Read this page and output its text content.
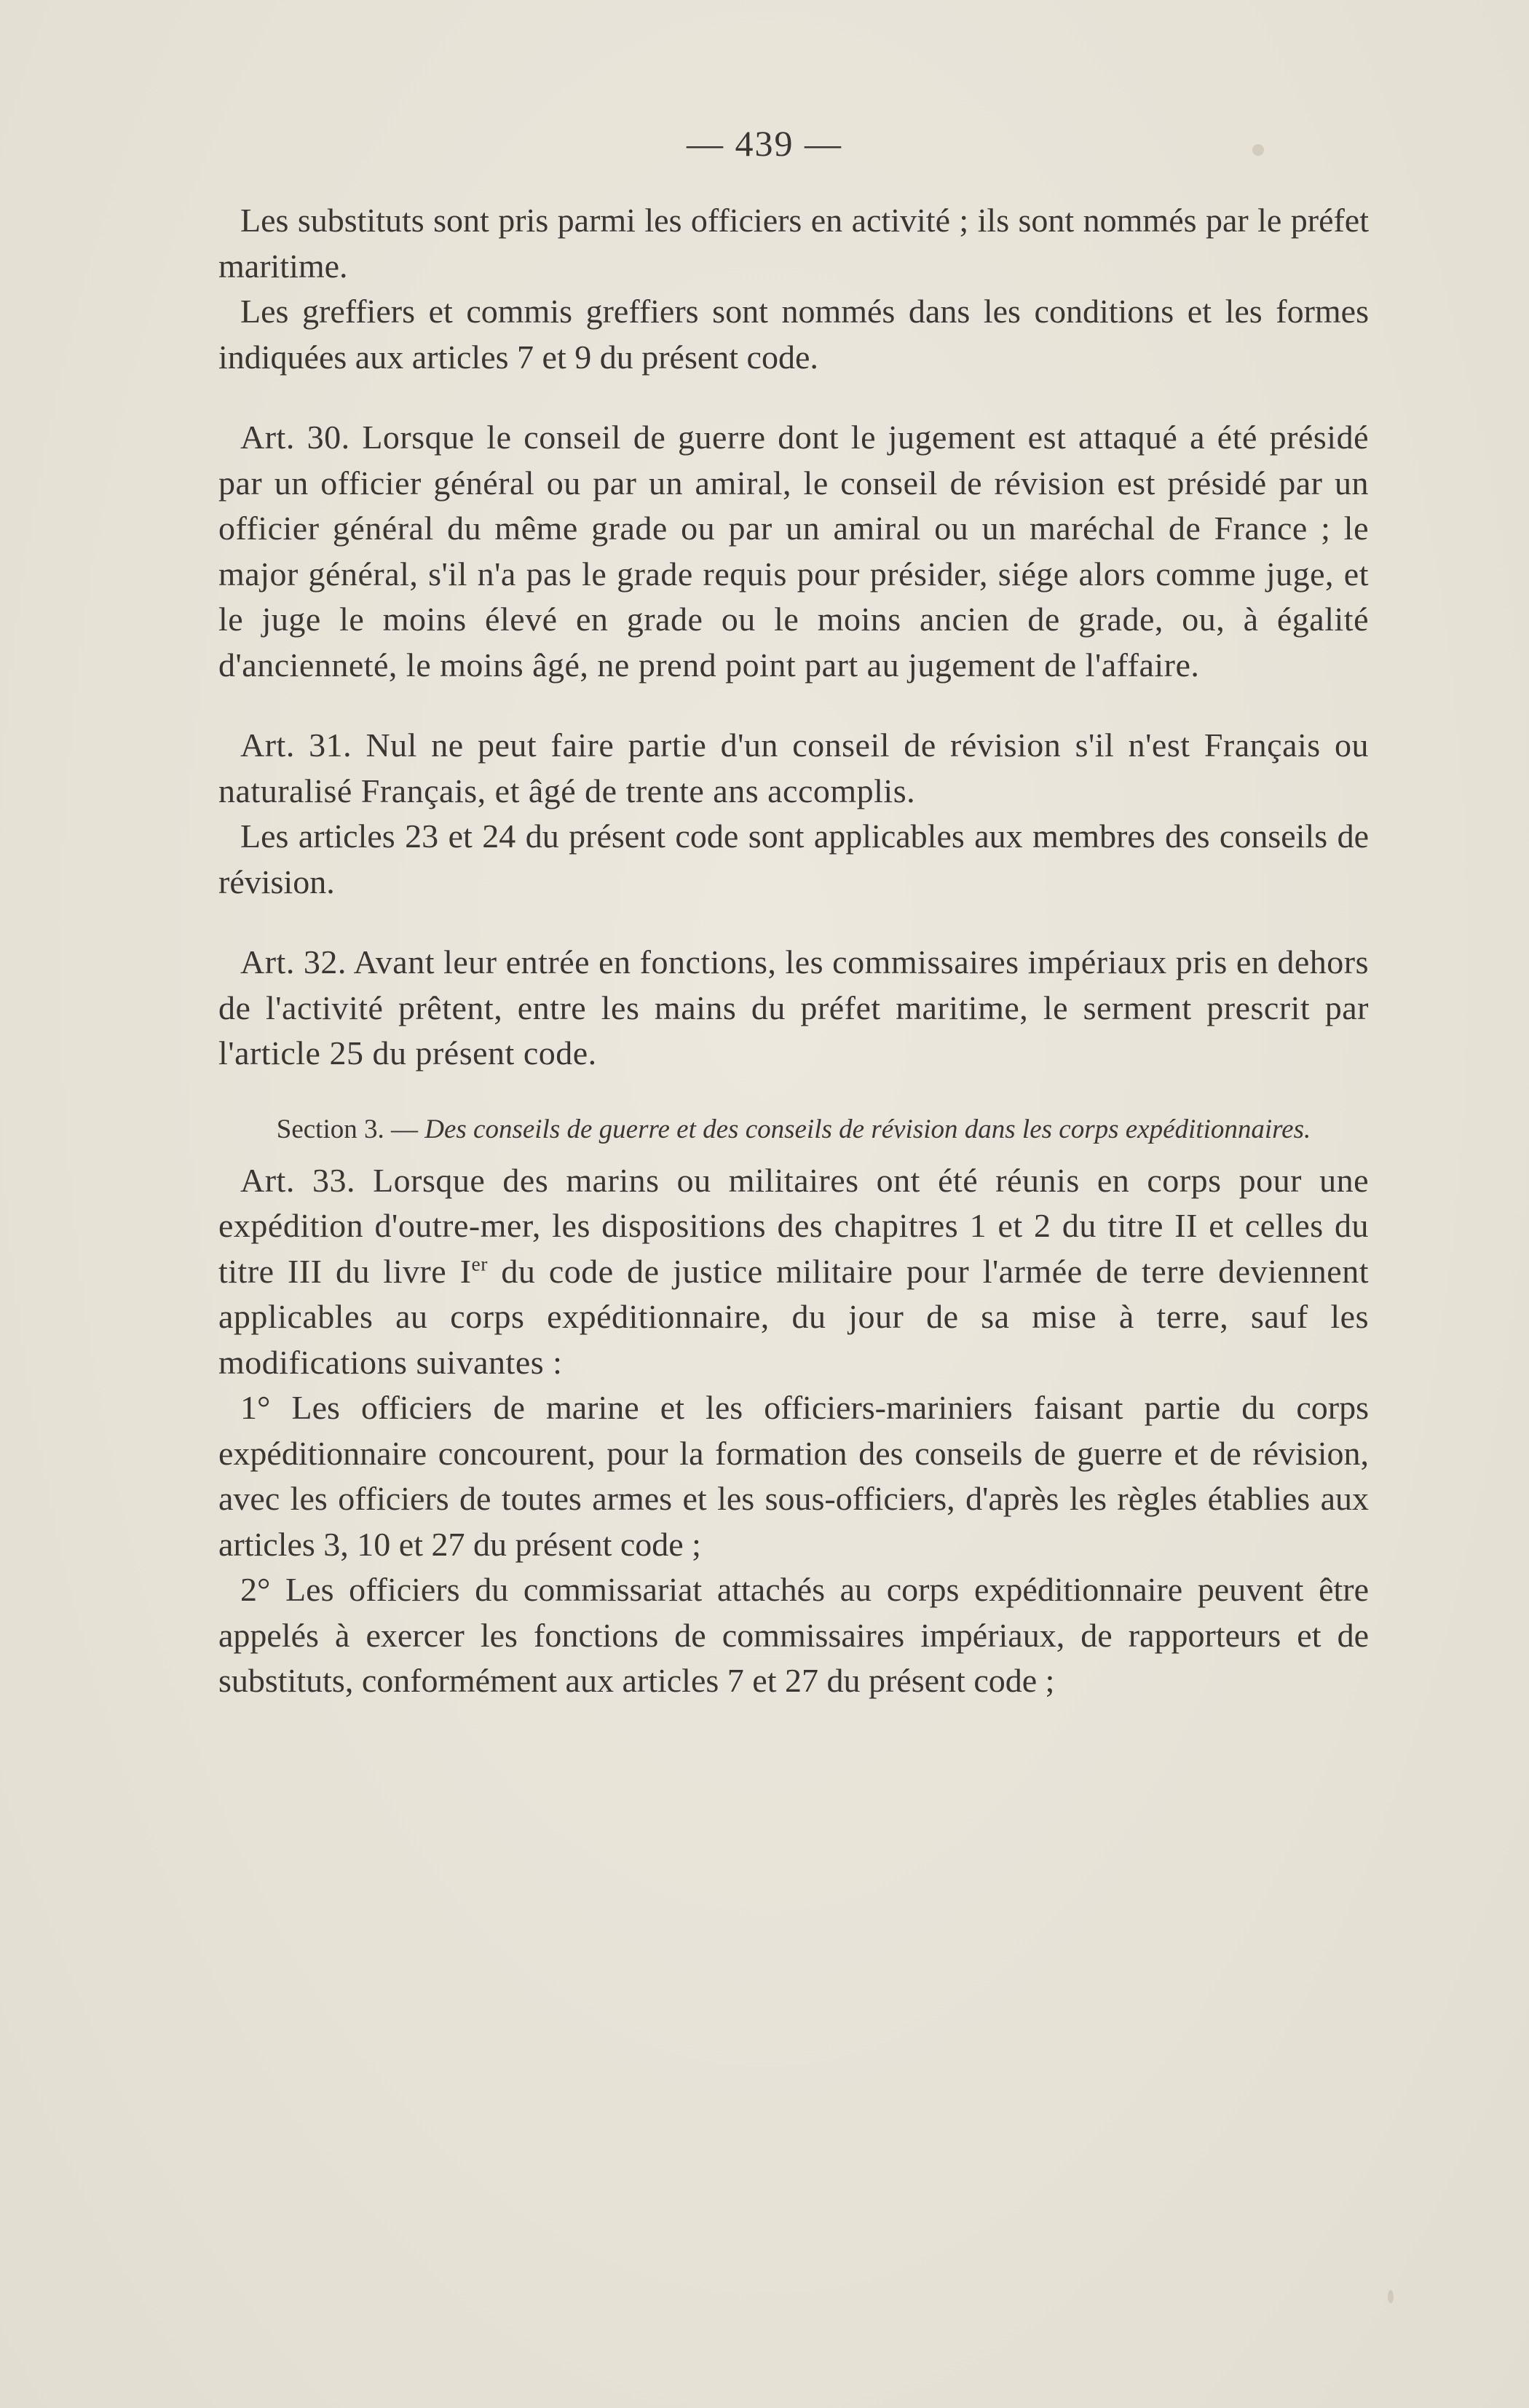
— 439 —

Les substituts sont pris parmi les officiers en activité ; ils sont nommés par le préfet maritime.

Les greffiers et commis greffiers sont nommés dans les conditions et les formes indiquées aux articles 7 et 9 du présent code.

Art. 30. Lorsque le conseil de guerre dont le jugement est attaqué a été présidé par un officier général ou par un amiral, le conseil de révision est présidé par un officier général du même grade ou par un amiral ou un maréchal de France ; le major général, s'il n'a pas le grade requis pour présider, siége alors comme juge, et le juge le moins élevé en grade ou le moins ancien de grade, ou, à égalité d'ancienneté, le moins âgé, ne prend point part au jugement de l'affaire.

Art. 31. Nul ne peut faire partie d'un conseil de révision s'il n'est Français ou naturalisé Français, et âgé de trente ans accomplis.

Les articles 23 et 24 du présent code sont applicables aux membres des conseils de révision.

Art. 32. Avant leur entrée en fonctions, les commissaires impériaux pris en dehors de l'activité prêtent, entre les mains du préfet maritime, le serment prescrit par l'article 25 du présent code.

Section 3. — Des conseils de guerre et des conseils de révision dans les corps expéditionnaires.

Art. 33. Lorsque des marins ou militaires ont été réunis en corps pour une expédition d'outre-mer, les dispositions des chapitres 1 et 2 du titre II et celles du titre III du livre Ier du code de justice militaire pour l'armée de terre deviennent applicables au corps expéditionnaire, du jour de sa mise à terre, sauf les modifications suivantes :

1° Les officiers de marine et les officiers-mariniers faisant partie du corps expéditionnaire concourent, pour la formation des conseils de guerre et de révision, avec les officiers de toutes armes et les sous-officiers, d'après les règles établies aux articles 3, 10 et 27 du présent code ;

2° Les officiers du commissariat attachés au corps expéditionnaire peuvent être appelés à exercer les fonctions de commissaires impériaux, de rapporteurs et de substituts, conformément aux articles 7 et 27 du présent code ;
